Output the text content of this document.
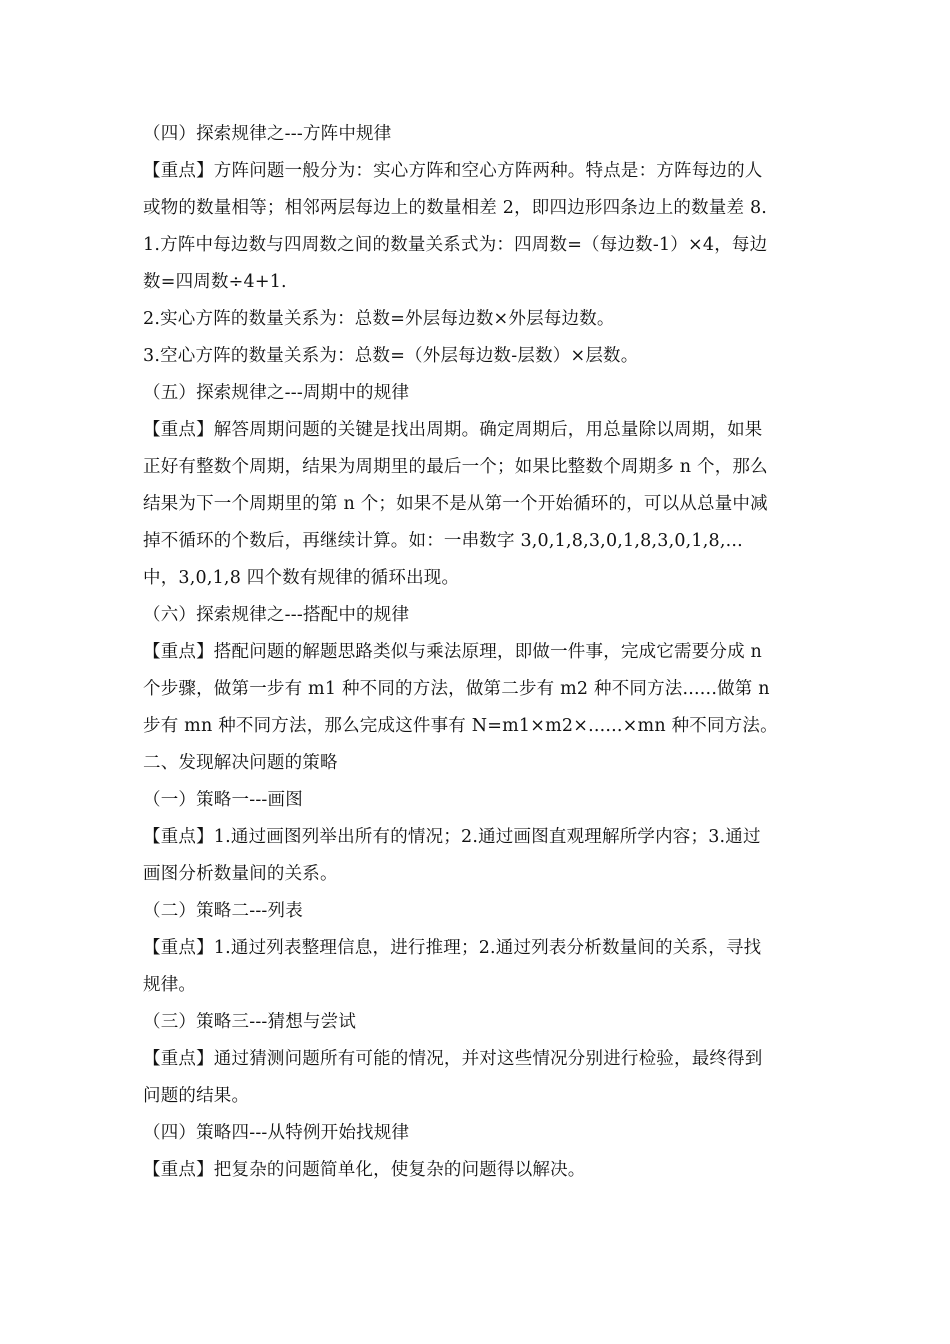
（四）探索规律之---方阵中规律
【重点】方阵问题一般分为：实心方阵和空心方阵两种。特点是：方阵每边的人
或物的数量相等；相邻两层每边上的数量相差 2，即四边形四条边上的数量差 8.
1.方阵中每边数与四周数之间的数量关系式为：四周数=（每边数-1）×4，每边
数=四周数÷4+1.
2.实心方阵的数量关系为：总数=外层每边数×外层每边数。
3.空心方阵的数量关系为：总数=（外层每边数-层数）×层数。
（五）探索规律之---周期中的规律
【重点】解答周期问题的关键是找出周期。确定周期后，用总量除以周期，如果
正好有整数个周期，结果为周期里的最后一个；如果比整数个周期多 n 个，那么
结果为下一个周期里的第 n 个；如果不是从第一个开始循环的，可以从总量中减
掉不循环的个数后，再继续计算。如：一串数字 3,0,1,8,3,0,1,8,3,0,1,8,...
中，3,0,1,8 四个数有规律的循环出现。
（六）探索规律之---搭配中的规律
【重点】搭配问题的解题思路类似与乘法原理，即做一件事，完成它需要分成 n
个步骤，做第一步有 m1 种不同的方法，做第二步有 m2 种不同方法......做第 n
步有 mn 种不同方法，那么完成这件事有 N=m1×m2×......×mn 种不同方法。
二、发现解决问题的策略
（一）策略一---画图
【重点】1.通过画图列举出所有的情况；2.通过画图直观理解所学内容；3.通过
画图分析数量间的关系。
（二）策略二---列表
【重点】1.通过列表整理信息，进行推理；2.通过列表分析数量间的关系，寻找
规律。
（三）策略三---猜想与尝试
【重点】通过猜测问题所有可能的情况，并对这些情况分别进行检验，最终得到
问题的结果。
（四）策略四---从特例开始找规律
【重点】把复杂的问题简单化，使复杂的问题得以解决。
